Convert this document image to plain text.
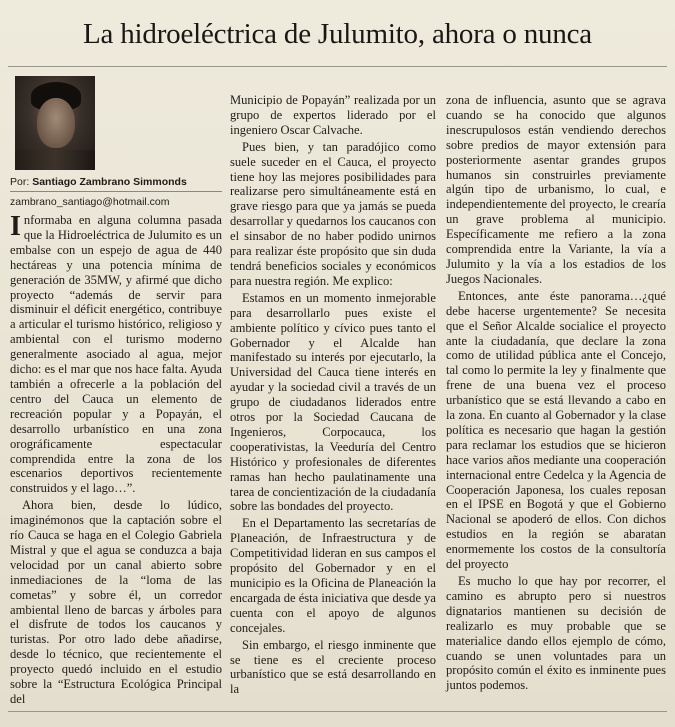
La hidroeléctrica de Julumito, ahora o nunca
Por: Santiago Zambrano Simmonds
zambrano_santiago@hotmail.com

Informaba en alguna columna pasada que la Hidroeléctrica de Julumito es un embalse con un espejo de agua de 440 hectáreas y una potencia mínima de generación de 35MW, y afirmé que dicho proyecto “además de servir para disminuir el déficit energético, contribuye a articular el turismo histórico, religioso y ambiental con el turismo moderno generalmente asociado al agua, mejor dicho: es el mar que nos hace falta. Ayuda también a ofrecerle a la población del centro del Cauca un elemento de recreación popular y a Popayán, el desarrollo urbanístico en una zona orográficamente espectacular comprendida entre la zona de los escenarios deportivos recientemente construidos y el lago…”.

Ahora bien, desde lo lúdico, imaginémonos que la captación sobre el río Cauca se haga en el Colegio Gabriela Mistral y que el agua se conduzca a baja velocidad por un canal abierto sobre inmediaciones de la “loma de las cometas” y sobre él, un corredor ambiental lleno de barcas y árboles para el disfrute de todos los caucanos y turistas. Por otro lado debe añadirse, desde lo técnico, que recientemente el proyecto quedó incluido en el estudio sobre la “Estructura Ecológica Principal del

Municipio de Popayán” realizada por un grupo de expertos liderado por el ingeniero Oscar Calvache.

Pues bien, y tan paradójico como suele suceder en el Cauca, el proyecto tiene hoy las mejores posibilidades para realizarse pero simultáneamente está en grave riesgo para que ya jamás se pueda desarrollar y quedarnos los caucanos con el sinsabor de no haber podido unirnos para realizar éste propósito que sin duda tendrá beneficios sociales y económicos para nuestra región. Me explico:

Estamos en un momento inmejorable para desarrollarlo pues existe el ambiente político y cívico pues tanto el Gobernador y el Alcalde han manifestado su interés por ejecutarlo, la Universidad del Cauca tiene interés en ayudar y la sociedad civil a través de un grupo de ciudadanos liderados entre otros por la Sociedad Caucana de Ingenieros, Corpocauca, los cooperativistas, la Veeduría del Centro Histórico y profesionales de diferentes ramas han hecho paulatinamente una tarea de concientización de la ciudadanía sobre las bondades del proyecto.

En el Departamento las secretarías de Planeación, de Infraestructura y de Competitividad lideran en sus campos el propósito del Gobernador y en el municipio es la Oficina de Planeación la encargada de ésta iniciativa que desde ya cuenta con el apoyo de algunos concejales.

Sin embargo, el riesgo inminente que se tiene es el creciente proceso urbanístico que se está desarrollando en la

zona de influencia, asunto que se agrava cuando se ha conocido que algunos inescrupulosos están vendiendo derechos sobre predios de mayor extensión para posteriormente asentar grandes grupos humanos sin construirles previamente algún tipo de urbanismo, lo cual, e independientemente del proyecto, le crearía un grave problema al municipio. Específicamente me refiero a la zona comprendida entre la Variante, la vía a Julumito y la vía a los estadios de los Juegos Nacionales.

Entonces, ante éste panorama…¿qué debe hacerse urgentemente? Se necesita que el Señor Alcalde socialice el proyecto ante la ciudadanía, que declare la zona como de utilidad pública ante el Concejo, tal como lo permite la ley y finalmente que frene de una buena vez el proceso urbanístico que se está llevando a cabo en la zona. En cuanto al Gobernador y la clase política es necesario que hagan la gestión para reclamar los estudios que se hicieron hace varios años mediante una cooperación internacional entre Cedelca y la Agencia de Cooperación Japonesa, los cuales reposan en el IPSE en Bogotá y que el Gobierno Nacional se apoderó de ellos. Con dichos estudios en la región se abaratan enormemente los costos de la consultoría del proyecto

Es mucho lo que hay por recorrer, el camino es abrupto pero si nuestros dignatarios mantienen su decisión de realizarlo es muy probable que se materialice dando ellos ejemplo de cómo, cuando se unen voluntades para un propósito común el éxito es inminente pues juntos podemos.
